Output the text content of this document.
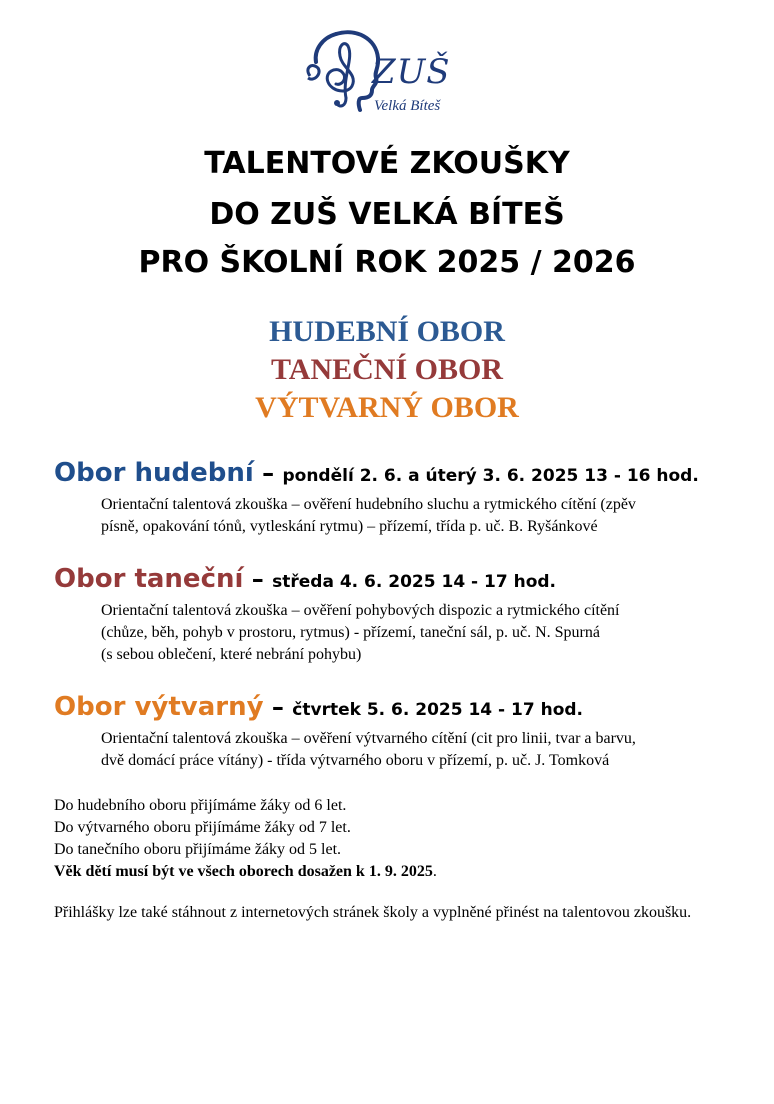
ZUŠ
Velká Bíteš
TALENTOVÉ ZKOUŠKY
DO ZUŠ VELKÁ BÍTEŠ
PRO ŠKOLNÍ ROK 2025 / 2026
HUDEBNÍ OBOR
TANEČNÍ OBOR
VÝTVARNÝ OBOR
Obor hudební – pondělí 2. 6. a úterý 3. 6. 2025 13 - 16 hod.
Orientační talentová zkouška – ověření hudebního sluchu a rytmického cítění (zpěv
písně, opakování tónů, vytleskání rytmu) – přízemí, třída p. uč. B. Ryšánkové
Obor taneční – středa 4. 6. 2025 14 - 17 hod.
Orientační talentová zkouška – ověření pohybových dispozic a rytmického cítění
(chůze, běh, pohyb v prostoru, rytmus) - přízemí, taneční sál, p. uč. N. Spurná
(s sebou oblečení, které nebrání pohybu)
Obor výtvarný – čtvrtek 5. 6. 2025 14 - 17 hod.
Orientační talentová zkouška – ověření výtvarného cítění (cit pro linii, tvar a barvu,
dvě domácí práce vítány) - třída výtvarného oboru v přízemí, p. uč. J. Tomková
Do hudebního oboru přijímáme žáky od 6 let.
Do výtvarného oboru přijímáme žáky od 7 let.
Do tanečního oboru přijímáme žáky od 5 let.
Věk dětí musí být ve všech oborech dosažen k 1. 9. 2025.
Přihlášky lze také stáhnout z internetových stránek školy a vyplněné přinést na talentovou zkoušku.
